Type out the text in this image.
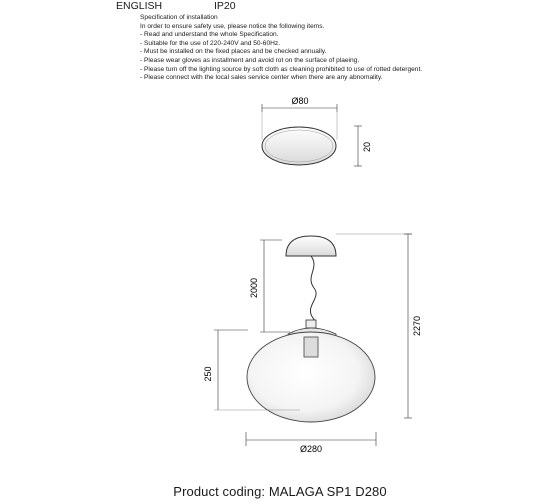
ENGLISH	IP20
Specification of installation
In order to ensure safety use, please notice the following items.
- Read and understand the whole Specification.
- Suitable for the use of 220-240V and 50-60Hz.
- Must be installed on the fixed places and be checked annually.
- Please wear gloves as installment and avoid rot on the surface of plaeing.
- Please turn off the lighting source by soft cloth as cleaning prohibited to use of rotted detergent.
- Please connect with the local sales service center when there are any abnomality.
Ø80
20
2000
2270
250
Ø280
Product coding: MALAGA SP1 D280
